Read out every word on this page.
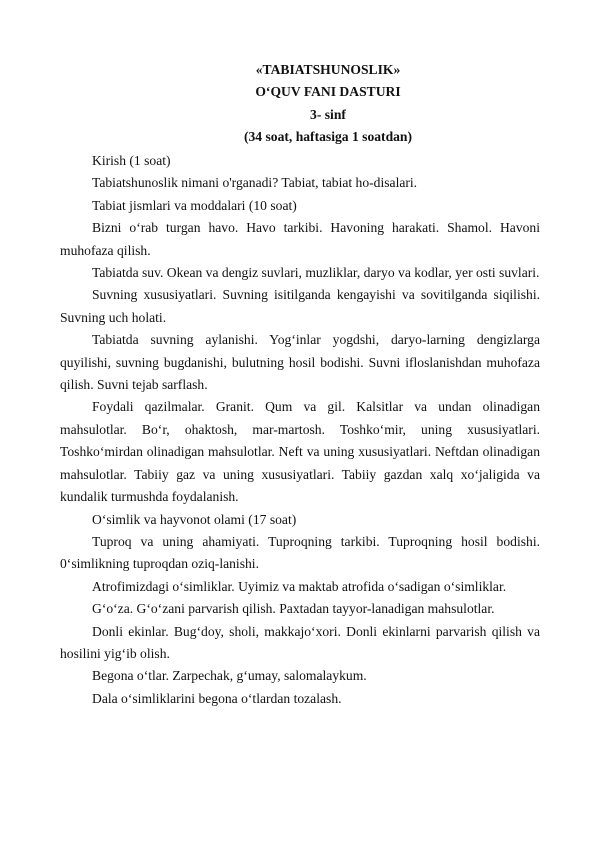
«TABIATSHUNOSLIK»
O‘QUV FANI DASTURI
3- sinf
(34 soat, haftasiga 1 soatdan)

Kirish (1 soat)

Tabiatshunoslik nimani o'rganadi? Tabiat, tabiat ho-disalari.

Tabiat jismlari va moddalari (10 soat)

Bizni o‘rab turgan havo. Havo tarkibi. Havoning harakati. Shamol. Havoni muhofaza qilish.

Tabiatda suv. Okean va dengiz suvlari, muzliklar, daryo va kodlar, yer osti suvlari.

Suvning xususiyatlari. Suvning isitilganda kengayishi va sovitilganda siqilishi. Suvning uch holati.

Tabiatda suvning aylanishi. Yog‘inlar yogdshi, daryo-larning dengizlarga quyilishi, suvning bugdanishi, bulutning hosil bodishi. Suvni ifloslanishdan muhofaza qilish. Suvni tejab sarflash.

Foydali qazilmalar. Granit. Qum va gil. Kalsitlar va undan olinadigan mahsulotlar. Bo‘r, ohaktosh, mar-martosh. Toshko‘mir, uning xususiyatlari. Toshko‘mirdan olinadigan mahsulotlar. Neft va uning xususiyatlari. Neftdan olinadigan mahsulotlar. Tabiiy gaz va uning xususiyatlari. Tabiiy gazdan xalq xo‘jaligida va kundalik turmushda foydalanish.

O‘simlik va hayvonot olami (17 soat)

Tuproq va uning ahamiyati. Tuproqning tarkibi. Tuproqning hosil bodishi. 0‘simlikning tuproqdan oziq-lanishi.

Atrofimizdagi o‘simliklar. Uyimiz va maktab atrofida o‘sadigan o‘simliklar.

G‘o‘za. G‘o‘zani parvarish qilish. Paxtadan tayyor-lanadigan mahsulotlar.

Donli ekinlar. Bug‘doy, sholi, makkajo‘xori. Donli ekinlarni parvarish qilish va hosilini yig‘ib olish.

Begona o‘tlar. Zarpechak, g‘umay, salomalaykum.

Dala o‘simliklarini begona o‘tlardan tozalash.
